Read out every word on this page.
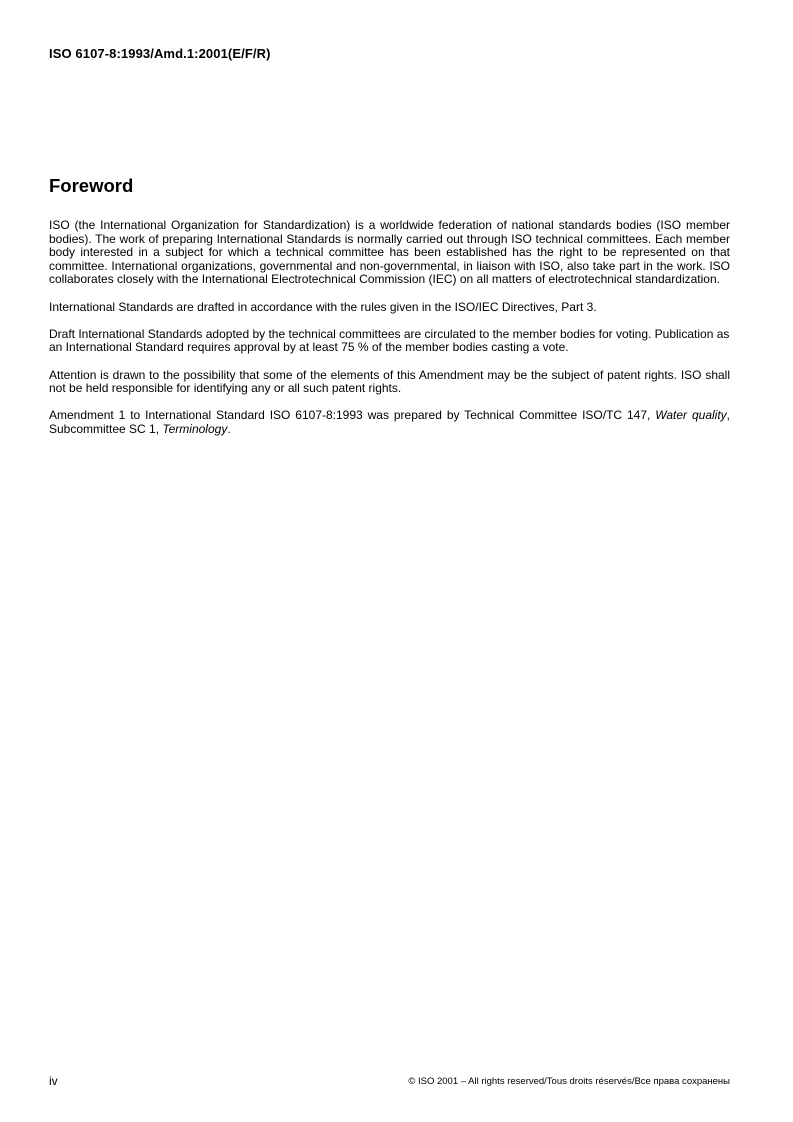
ISO 6107-8:1993/Amd.1:2001(E/F/R)
Foreword

ISO (the International Organization for Standardization) is a worldwide federation of national standards bodies (ISO member bodies). The work of preparing International Standards is normally carried out through ISO technical committees. Each member body interested in a subject for which a technical committee has been established has the right to be represented on that committee. International organizations, governmental and non-governmental, in liaison with ISO, also take part in the work. ISO collaborates closely with the International Electrotechnical Commission (IEC) on all matters of electrotechnical standardization.

International Standards are drafted in accordance with the rules given in the ISO/IEC Directives, Part 3.

Draft International Standards adopted by the technical committees are circulated to the member bodies for voting. Publication as an International Standard requires approval by at least 75 % of the member bodies casting a vote.

Attention is drawn to the possibility that some of the elements of this Amendment may be the subject of patent rights. ISO shall not be held responsible for identifying any or all such patent rights.

Amendment 1 to International Standard ISO 6107-8:1993 was prepared by Technical Committee ISO/TC 147, Water quality, Subcommittee SC 1, Terminology.

iv	© ISO 2001 – All rights reserved/Tous droits réservés/Все права сохранены
